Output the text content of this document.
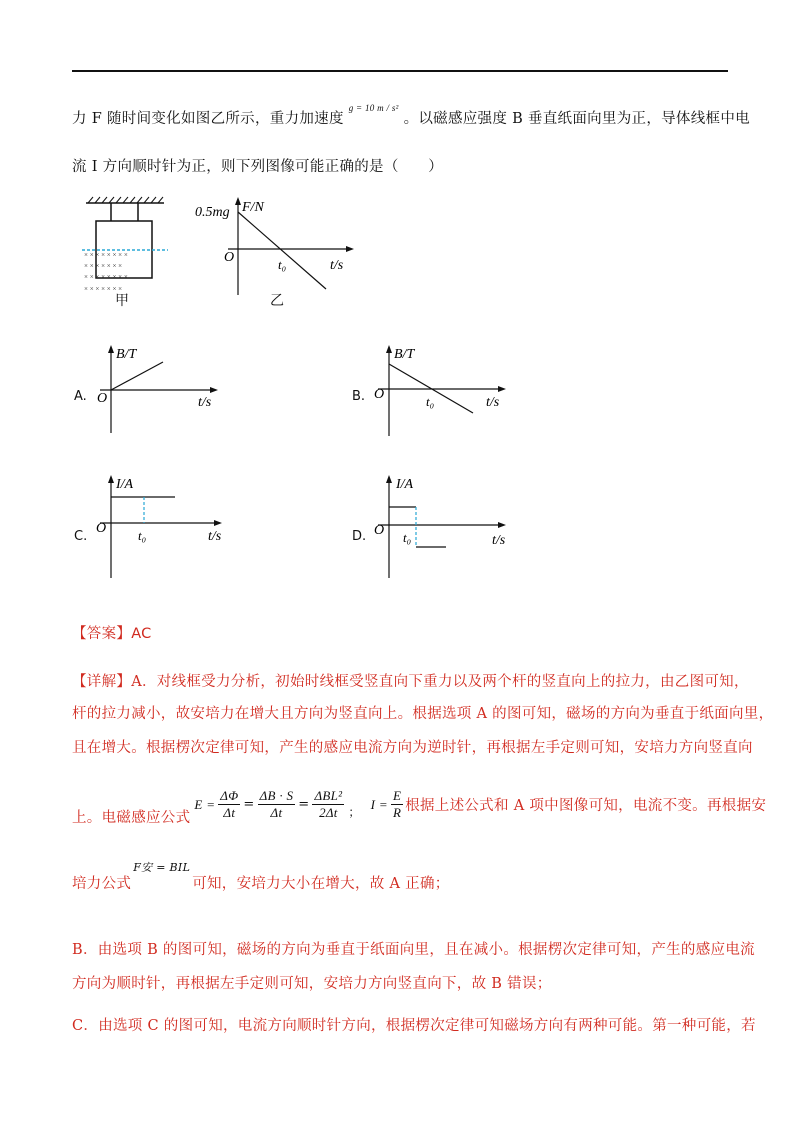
力 F 随时间变化如图乙所示，重力加速度 $^{g = 10 m / s^2}$ 。以磁感应强度 B 垂直纸面向里为正，导体线框中电
流 I 方向顺时针为正，则下列图像可能正确的是（　　）
× × × × × × × ×
× × × × × × ×
× × × × × × × ×
× × × × × × ×
甲
F/N
0.5mg
O	t₀	t/s
乙
A.
B/T
O	t/s	B.
B/T
O	t₀	t/s
C.
I/A
O t₀	t/s	D.
I/A
O t₀	t/s
【答案】AC
【详解】A．对线框受力分析，初始时线框受竖直向下重力以及两个杆的竖直向上的拉力，由乙图可知，
杆的拉力减小，故安培力在增大且方向为竖直向上。根据选项 A 的图可知，磁场的方向为垂直于纸面向里，
且在增大。根据楞次定律可知，产生的感应电流方向为逆时针，再根据左手定则可知，安培力方向竖直向
上。电磁感应公式
$E = \frac{\Delta\Phi}{\Delta t} = \frac{\Delta B \cdot S}{\Delta t} = \frac{\text{ΔBL²}}{2\Delta t}$ ；
$I = \frac{E}{R}$ 根据上述公式和 A 项中图像可知，电流不变。再根据安
培力公式
F安 = BIL
可知，安培力大小在增大，故 A 正确；
B．由选项 B 的图可知，磁场的方向为垂直于纸面向里，且在减小。根据楞次定律可知，产生的感应电流
方向为顺时针，再根据左手定则可知，安培力方向竖直向下，故 B 错误；
C．由选项 C 的图可知，电流方向顺时针方向，根据楞次定律可知磁场方向有两种可能。第一种可能，若
